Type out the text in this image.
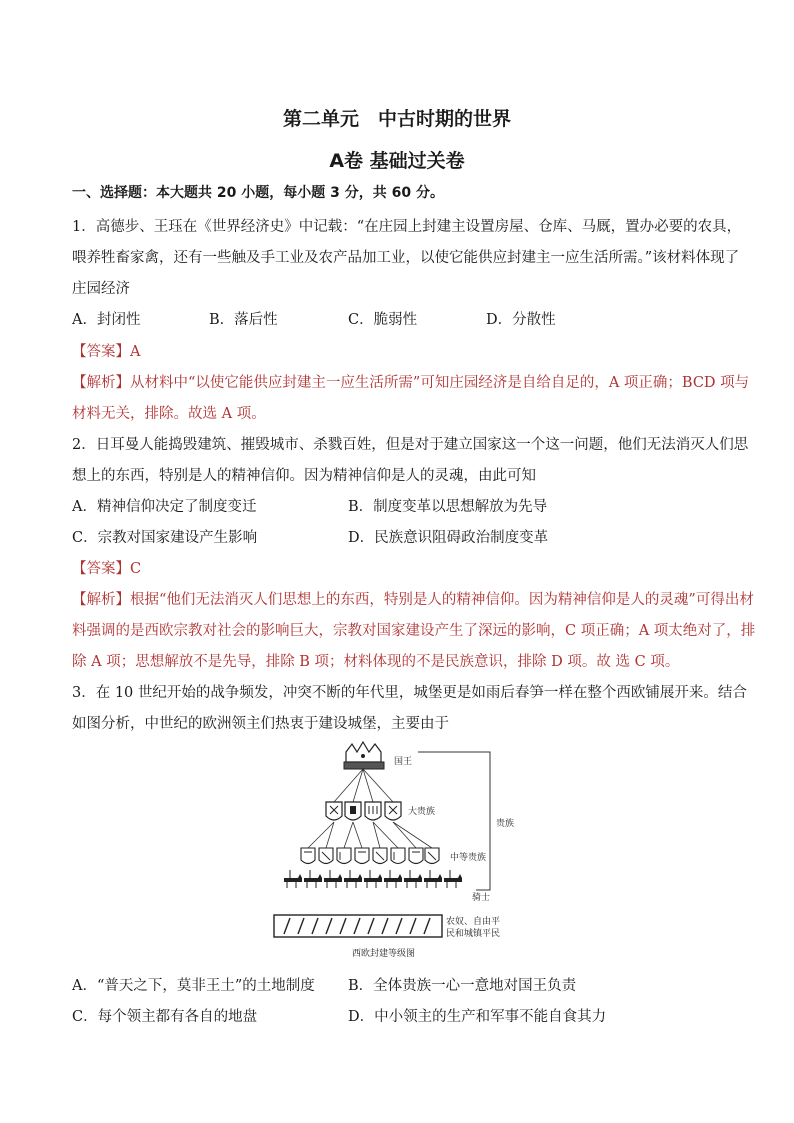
第二单元　中古时期的世界
A卷 基础过关卷
一、选择题：本大题共 20 小题，每小题 3 分，共 60 分。
1．高德步、王珏在《世界经济史》中记载：“在庄园上封建主设置房屋、仓库、马厩，置办必要的农具，
喂养牲畜家禽，还有一些触及手工业及农产品加工业，以使它能供应封建主一应生活所需。”该材料体现了
庄园经济
A．封闭性	B．落后性	C．脆弱性	D．分散性
【答案】A
【解析】从材料中“以使它能供应封建主一应生活所需”可知庄园经济是自给自足的，A 项正确；BCD 项与
材料无关，排除。故选 A 项。
2．日耳曼人能捣毁建筑、摧毁城市、杀戮百姓，但是对于建立国家这一个这一问题，他们无法消灭人们思
想上的东西，特别是人的精神信仰。因为精神信仰是人的灵魂，由此可知
A．精神信仰决定了制度变迁	B．制度变革以思想解放为先导
C．宗教对国家建设产生影响	D．民族意识阻碍政治制度变革
【答案】C
【解析】根据“他们无法消灭人们思想上的东西，特别是人的精神信仰。因为精神信仰是人的灵魂”可得出材
料强调的是西欧宗教对社会的影响巨大，宗教对国家建设产生了深远的影响，C 项正确；A 项太绝对了，排
除 A 项；思想解放不是先导，排除 B 项；材料体现的不是民族意识，排除 D 项。故 选 C 项。
3．在 10 世纪开始的战争频发，冲突不断的年代里，城堡更是如雨后春笋一样在整个西欧铺展开来。结合
如图分析，中世纪的欧洲领主们热衷于建设城堡，主要由于
国王
大贵族
中等贵族
骑士
贵族
农奴、自由平
民和城镇平民
西欧封建等级图
A．“普天之下，莫非王土”的土地制度 B．全体贵族一心一意地对国王负责
C．每个领主都有各自的地盘	D．中小领主的生产和军事不能自食其力
